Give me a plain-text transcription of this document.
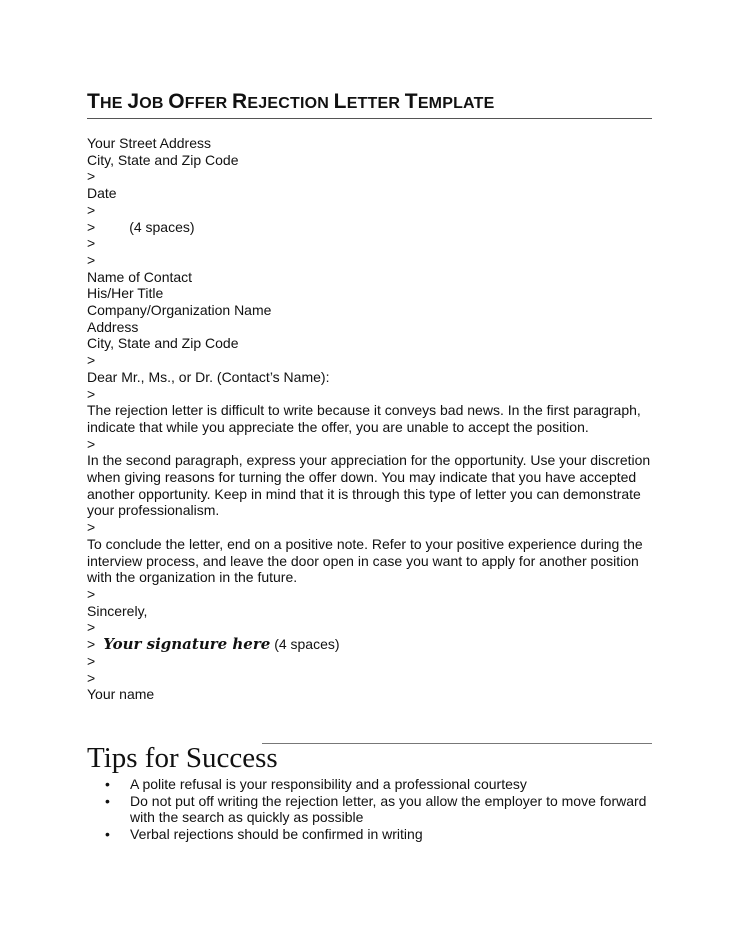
THE JOB OFFER REJECTION LETTER TEMPLATE
Your Street Address
City, State and Zip Code
>
Date
>
> (4 spaces)
>
>
Name of Contact
His/Her Title
Company/Organization Name
Address
City, State and Zip Code
>
Dear Mr., Ms., or Dr. (Contact’s Name):
>
The rejection letter is difficult to write because it conveys bad news. In the first paragraph, indicate that while you appreciate the offer, you are unable to accept the position.
>
In the second paragraph, express your appreciation for the opportunity. Use your discretion when giving reasons for turning the offer down. You may indicate that you have accepted another opportunity. Keep in mind that it is through this type of letter you can demonstrate your professionalism.
>
To conclude the letter, end on a positive note. Refer to your positive experience during the interview process, and leave the door open in case you want to apply for another position with the organization in the future.
>
Sincerely,
>
> Your signature here (4 spaces)
>
>
Your name
Tips for Success
• A polite refusal is your responsibility and a professional courtesy
• Do not put off writing the rejection letter, as you allow the employer to move forward with the search as quickly as possible
• Verbal rejections should be confirmed in writing
